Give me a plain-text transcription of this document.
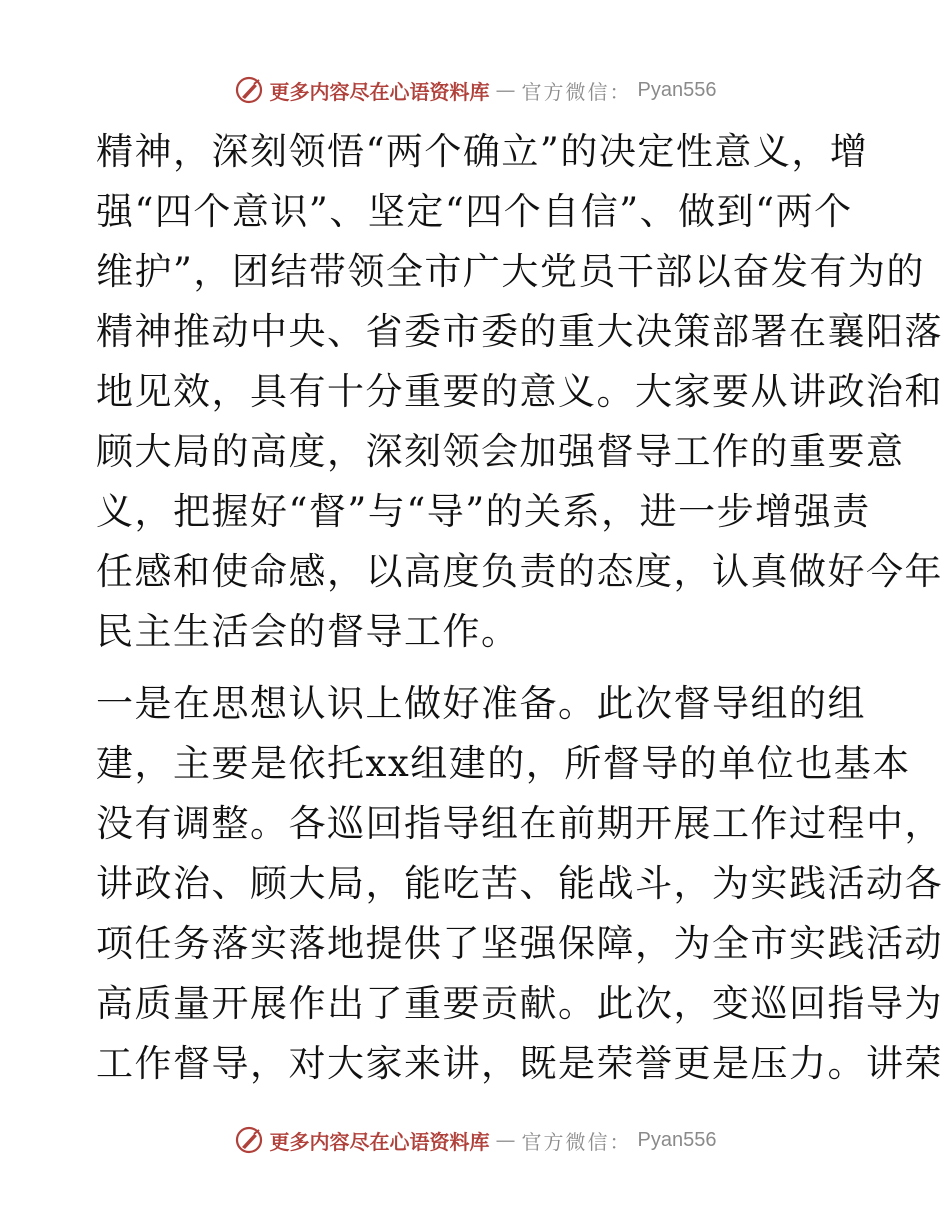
更多内容尽在心语资料库 — 官方微信： Pyan556

精神，深刻领悟“两个确立”的决定性意义，增
强“四个意识”、坚定“四个自信”、做到“两个
维护”，团结带领全市广大党员干部以奋发有为的
精神推动中央、省委市委的重大决策部署在襄阳落
地见效，具有十分重要的意义。大家要从讲政治和
顾大局的高度，深刻领会加强督导工作的重要意
义，把握好“督”与“导”的关系，进一步增强责
任感和使命感，以高度负责的态度，认真做好今年
民主生活会的督导工作。

一是在思想认识上做好准备。此次督导组的组
建，主要是依托xx组建的，所督导的单位也基本
没有调整。各巡回指导组在前期开展工作过程中，
讲政治、顾大局，能吃苦、能战斗，为实践活动各
项任务落实落地提供了坚强保障，为全市实践活动
高质量开展作出了重要贡献。此次，变巡回指导为
工作督导，对大家来讲，既是荣誉更是压力。讲荣

更多内容尽在心语资料库 — 官方微信： Pyan556
